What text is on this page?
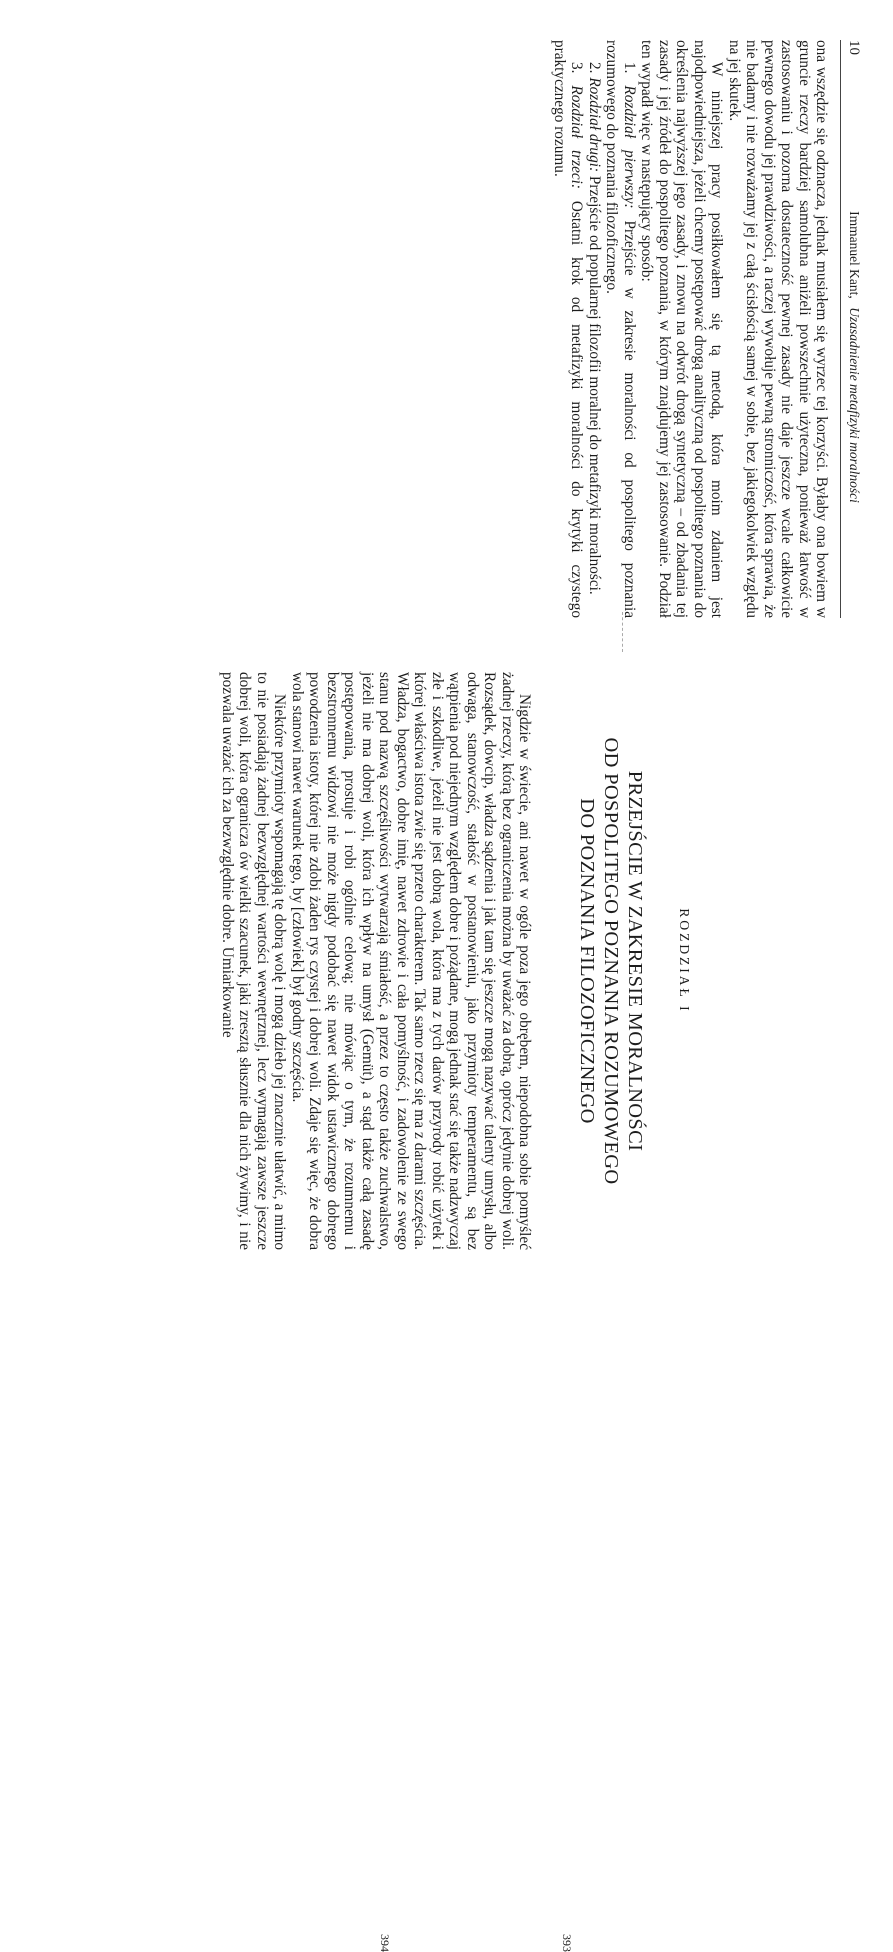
10
Immanuel Kant, Uzasadnienie metafizyki moralności

ona wszędzie się odznacza, jednak musiałem się wyrzec tej korzyści. Byłaby ona bowiem w gruncie rzeczy bardziej samolubna aniżeli powszechnie użyteczna, ponieważ łatwość w zastosowaniu i pozorna dostateczność pewnej zasady nie daje jeszcze wcale całkowicie pewnego dowodu jej prawdziwości, a raczej wywołuje pewną stronniczość, która sprawia, że nie badamy i nie rozważamy jej z całą ścisłością samej w sobie, bez jakiegokolwiek względu na jej skutek.

W niniejszej pracy posiłkowałem się tą metodą, która moim zdaniem jest najodpowiedniejsza, jeżeli chcemy postępować drogą analityczną od pospolitego poznania do określenia najwyższej jego zasady, i znowu na odwrót drogą syntetyczną – od zbadania tej zasady i jej źródeł do pospolitego poznania, w którym znajdujemy jej zastosowanie. Podział ten wypadł więc w następujący sposób:

1. Rozdział pierwszy: Przejście w zakresie moralności od pospolitego poznania rozumowego do poznania filozoficznego.

2. Rozdział drugi: Przejście od popularnej filozofii moralnej do metafizyki moralności.

3. Rozdział trzeci: Ostatni krok od metafizyki moralności do krytyki czystego praktycznego rozumu.

ROZDZIAŁ I
PRZEJŚCIE W ZAKRESIE MORALNOŚCI
OD POSPOLITEGO POZNANIA ROZUMOWEGO
DO POZNANIA FILOZOFICZNEGO
393
394

Nigdzie w świecie, ani nawet w ogóle poza jego obrębem, niepodobna sobie pomyśleć żadnej rzeczy, którą bez ograniczenia można by uważać za dobrą, oprócz jedynie dobrej woli. Rozsądek, dowcip, władza sądzenia i jak tam się jeszcze mogą nazywać talenty umysłu, albo odwaga, stanowczość, stałość w postanowieniu, jako przymioty temperamentu, są bez wątpienia pod niejednym względem dobre i pożądane, mogą jednak stać się także nadzwyczaj złe i szkodliwe, jeżeli nie jest dobrą wola, która ma z tych darów przyrody robić użytek i której właściwa istota zwie się przeto charakterem. Tak samo rzecz się ma z darami szczęścia. Władza, bogactwo, dobre imię, nawet zdrowie i cała pomyślność, i zadowolenie ze swego stanu pod nazwą szczęśliwości wytwarzają śmiałość, a przez to często także zuchwalstwo, jeżeli nie ma dobrej woli, która ich wpływ na umysł (Gemüt), a stąd także całą zasadę postępowania, prostuje i robi ogólnie celową; nie mówiąc o tym, że rozumnemu i bezstronnemu widzowi nie może nigdy podobać się nawet widok ustawicznego dobrego powodzenia istoty, której nie zdobi żaden rys czystej i dobrej woli. Zdaje się więc, że dobra wola stanowi nawet warunek tego, by [człowiek] był godny szczęścia.

Niektóre przymioty wspomagają tę dobrą wolę i mogą dzieło jej znacznie ułatwić, a mimo to nie posiadają żadnej bezwzględnej wartości wewnętrznej, lecz wymagają zawsze jeszcze dobrej woli, która ogranicza ów wielki szacunek, jaki zresztą słusznie dla nich żywimy, i nie pozwala uważać ich za bezwzględnie dobre. Umiarkowanie
